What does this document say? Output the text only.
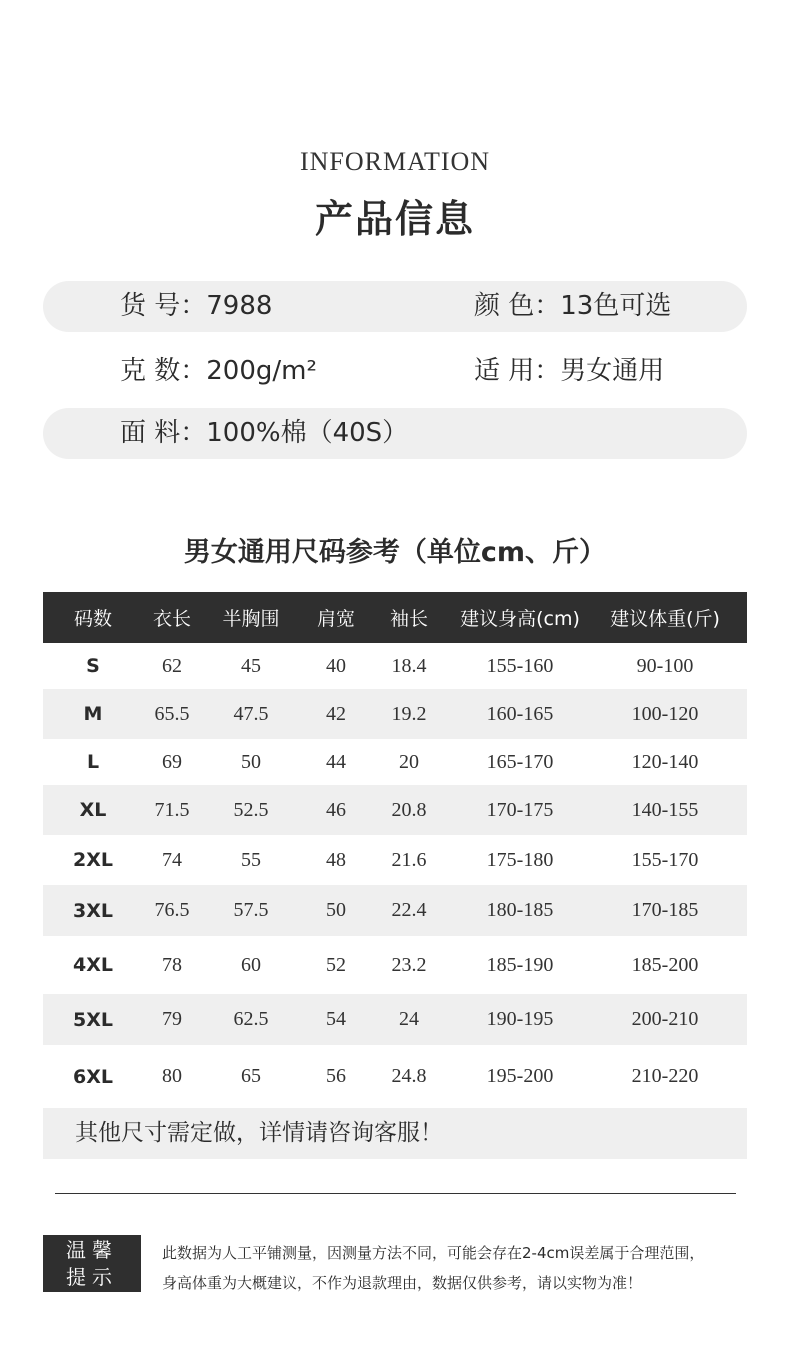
INFORMATION
产品信息
货 号：7988	颜 色：13色可选
克 数：200g/m²	适 用：男女通用
面 料：100%棉（40S）
男女通用尺码参考（单位cm、斤）
码数	衣长	半胸围	肩宽	袖长	建议身高(cm)	建议体重(斤)
S	62	45	40	18.4	155-160	90-100
M	65.5	47.5	42	19.2	160-165	100-120
L	69	50	44	20	165-170	120-140
XL	71.5	52.5	46	20.8	170-175	140-155
2XL	74	55	48	21.6	175-180	155-170
3XL	76.5	57.5	50	22.4	180-185	170-185
4XL	78	60	52	23.2	185-190	185-200
5XL	79	62.5	54	24	190-195	200-210
6XL	80	65	56	24.8	195-200	210-220
其他尺寸需定做，详情请咨询客服！
温馨
提示
此数据为人工平铺测量，因测量方法不同，可能会存在2-4cm误差属于合理范围，
身高体重为大概建议，不作为退款理由，数据仅供参考，请以实物为准！
